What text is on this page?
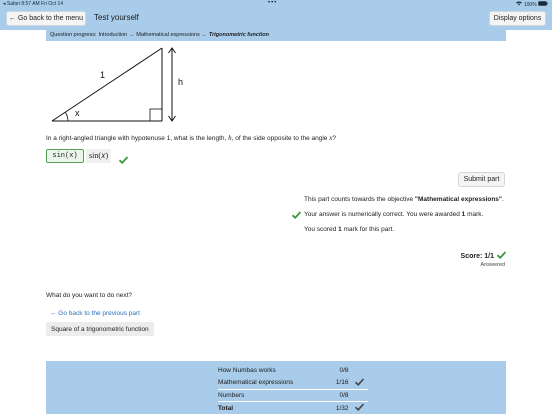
◂ Safari 8:57 AM Fri Oct 14	•••	100%
← Go back to the menu	Test yourself	Display options
Question progress: Introduction → Mathematical expressions → Trigonometric function
1
h
x
In a right-angled triangle with hypotenuse 1, what is the length, h, of the side opposite to the angle x?
sin(x)	sin(𝑥)
Submit part
This part counts towards the objective "Mathematical expressions".
Your answer is numerically correct. You were awarded 1 mark.
You scored 1 mark for this part.
Score: 1/1
Answered
What do you want to do next?
← Go back to the previous part
Square of a trigonometric function
How Numbas works	0/8	
Mathematical expressions	1/16	
Numbers	0/8	
Total	1/32	
